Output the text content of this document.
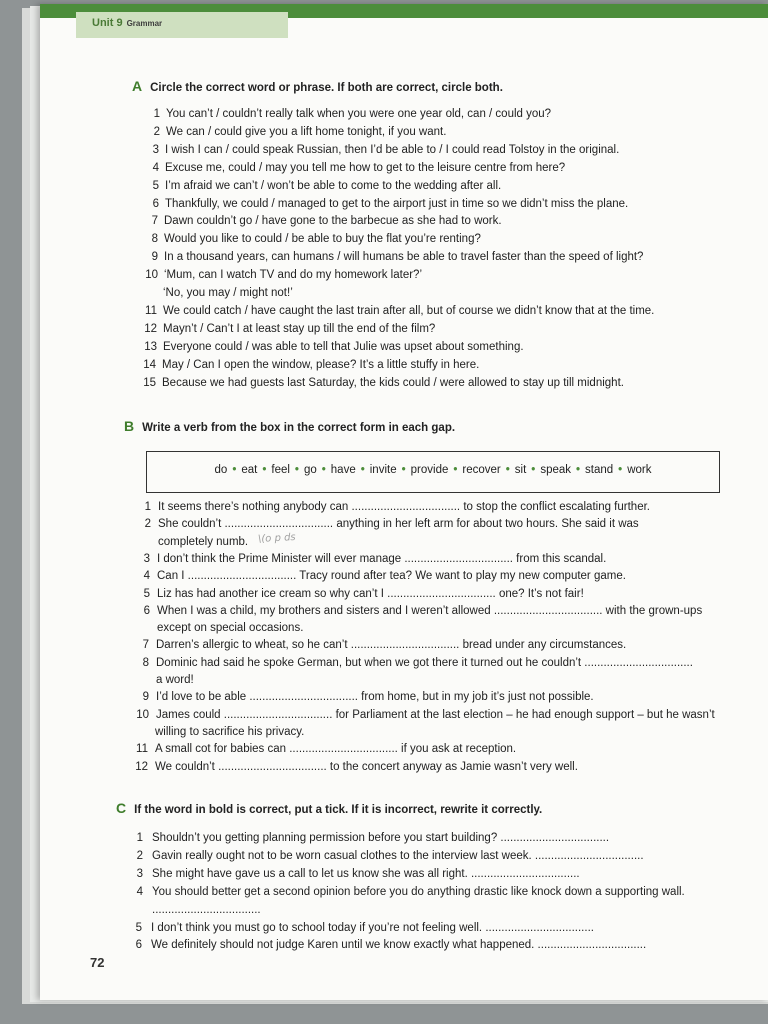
Unit 9 Grammar
A Circle the correct word or phrase. If both are correct, circle both.
1 You can’t / couldn’t really talk when you were one year old, can / could you?
2 We can / could give you a lift home tonight, if you want.
3 I wish I can / could speak Russian, then I’d be able to / I could read Tolstoy in the original.
4 Excuse me, could / may you tell me how to get to the leisure centre from here?
5 I’m afraid we can’t / won’t be able to come to the wedding after all.
6 Thankfully, we could / managed to get to the airport just in time so we didn’t miss the plane.
7 Dawn couldn’t go / have gone to the barbecue as she had to work.
8 Would you like to could / be able to buy the flat you’re renting?
9 In a thousand years, can humans / will humans be able to travel faster than the speed of light?
10 ‘Mum, can I watch TV and do my homework later?’
‘No, you may / might not!’
11 We could catch / have caught the last train after all, but of course we didn’t know that at the time.
12 Mayn’t / Can’t I at least stay up till the end of the film?
13 Everyone could / was able to tell that Julie was upset about something.
14 May / Can I open the window, please? It’s a little stuffy in here.
15 Because we had guests last Saturday, the kids could / were allowed to stay up till midnight.
B Write a verb from the box in the correct form in each gap.
do • eat • feel • go • have • invite • provide • recover • sit • speak • stand • work
1 It seems there’s nothing anybody can .................................. to stop the conflict escalating further.
2 She couldn’t .................................. anything in her left arm for about two hours. She said it was
completely numb.
3 I don’t think the Prime Minister will ever manage .................................. from this scandal.
4 Can I .................................. Tracy round after tea? We want to play my new computer game.
5 Liz has had another ice cream so why can’t I .................................. one? It’s not fair!
6 When I was a child, my brothers and sisters and I weren’t allowed .................................. with the grown-ups
except on special occasions.
7 Darren’s allergic to wheat, so he can’t .................................. bread under any circumstances.
8 Dominic had said he spoke German, but when we got there it turned out he couldn’t ..................................
a word!
9 I’d love to be able .................................. from home, but in my job it’s just not possible.
10 James could .................................. for Parliament at the last election – he had enough support – but he wasn’t
willing to sacrifice his privacy.
11 A small cot for babies can .................................. if you ask at reception.
12 We couldn’t .................................. to the concert anyway as Jamie wasn’t very well.
\(o p ds
C If the word in bold is correct, put a tick. If it is incorrect, rewrite it correctly.
1 Shouldn’t you getting planning permission before you start building? ..................................
2 Gavin really ought not to be worn casual clothes to the interview last week. ..................................
3 She might have gave us a call to let us know she was all right. ..................................
4 You should better get a second opinion before you do anything drastic like knock down a supporting wall.
..................................
5 I don’t think you must go to school today if you’re not feeling well. ..................................
6 We definitely should not judge Karen until we know exactly what happened. ..................................
72
